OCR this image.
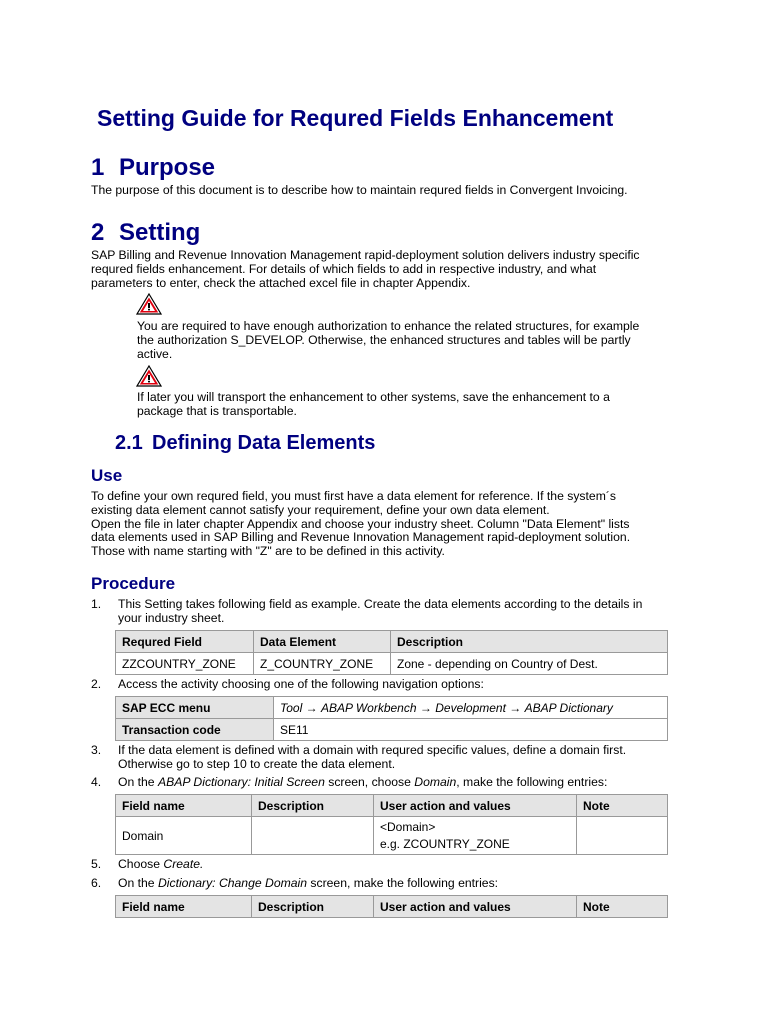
Setting Guide for Requred Fields Enhancement
1 Purpose
The purpose of this document is to describe how to maintain requred fields in Convergent Invoicing.
2 Setting
SAP Billing and Revenue Innovation Management rapid-deployment solution delivers industry specific
requred fields enhancement. For details of which fields to add in respective industry, and what
parameters to enter, check the attached excel file in chapter Appendix.
You are required to have enough authorization to enhance the related structures, for example
the authorization S_DEVELOP. Otherwise, the enhanced structures and tables will be partly
active.
If later you will transport the enhancement to other systems, save the enhancement to a
package that is transportable.
2.1 Defining Data Elements
Use
To define your own requred field, you must first have a data element for reference. If the system´s
existing data element cannot satisfy your requirement, define your own data element.
Open the file in later chapter Appendix and choose your industry sheet. Column "Data Element" lists
data elements used in SAP Billing and Revenue Innovation Management rapid-deployment solution.
Those with name starting with "Z" are to be defined in this activity.
Procedure
1. This Setting takes following field as example. Create the data elements according to the details in
your industry sheet.
Requred Field	Data Element	Description
ZZCOUNTRY_ZONE	Z_COUNTRY_ZONE	Zone - depending on Country of Dest.
2. Access the activity choosing one of the following navigation options:
SAP ECC menu	Tool → ABAP Workbench → Development → ABAP Dictionary
Transaction code	SE11
3. If the data element is defined with a domain with requred specific values, define a domain first.
Otherwise go to step 10 to create the data element.
4. On the ABAP Dictionary: Initial Screen screen, choose Domain, make the following entries:
Field name	Description	User action and values	Note
Domain		<Domain>
e.g. ZCOUNTRY_ZONE	

5. Choose Create.
6. On the Dictionary: Change Domain screen, make the following entries:
Field name	Description	User action and values	Note
